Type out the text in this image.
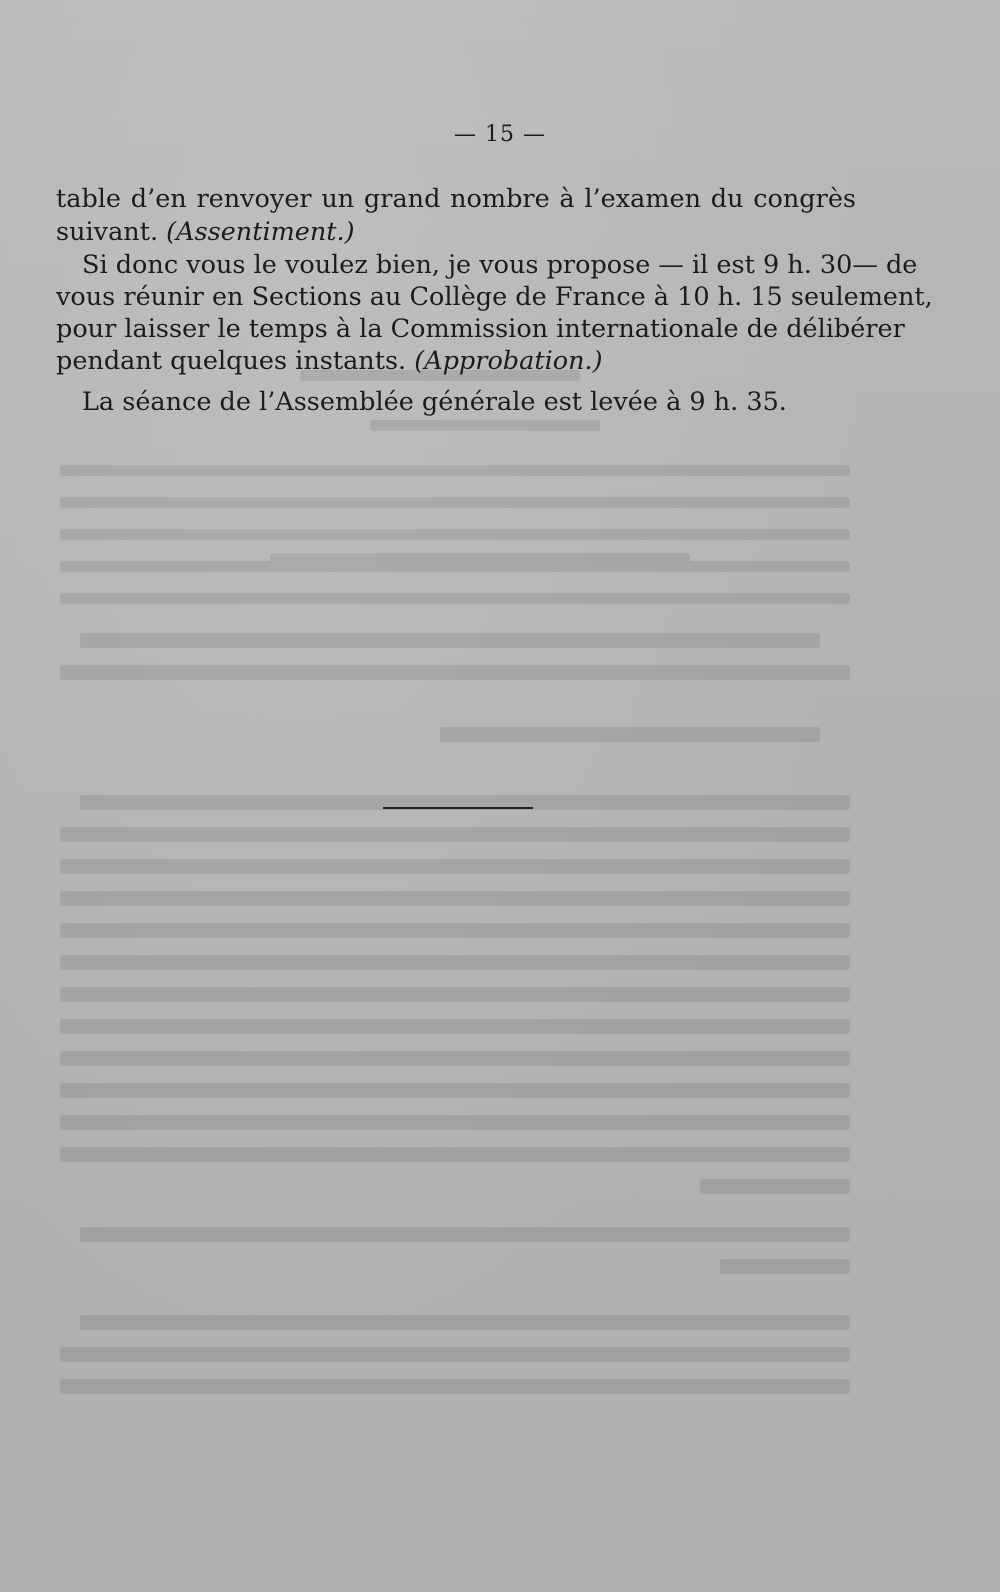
— 15 —
table d’en renvoyer un grand nombre à l’examen du congrès
suivant. (Assentiment.)
Si donc vous le voulez bien, je vous propose — il est 9 h. 30— de
vous réunir en Sections au Collège de France à 10 h. 15 seulement,
pour laisser le temps à la Commission internationale de délibérer
pendant quelques instants. (Approbation.)
La séance de l’Assemblée générale est levée à 9 h. 35.
